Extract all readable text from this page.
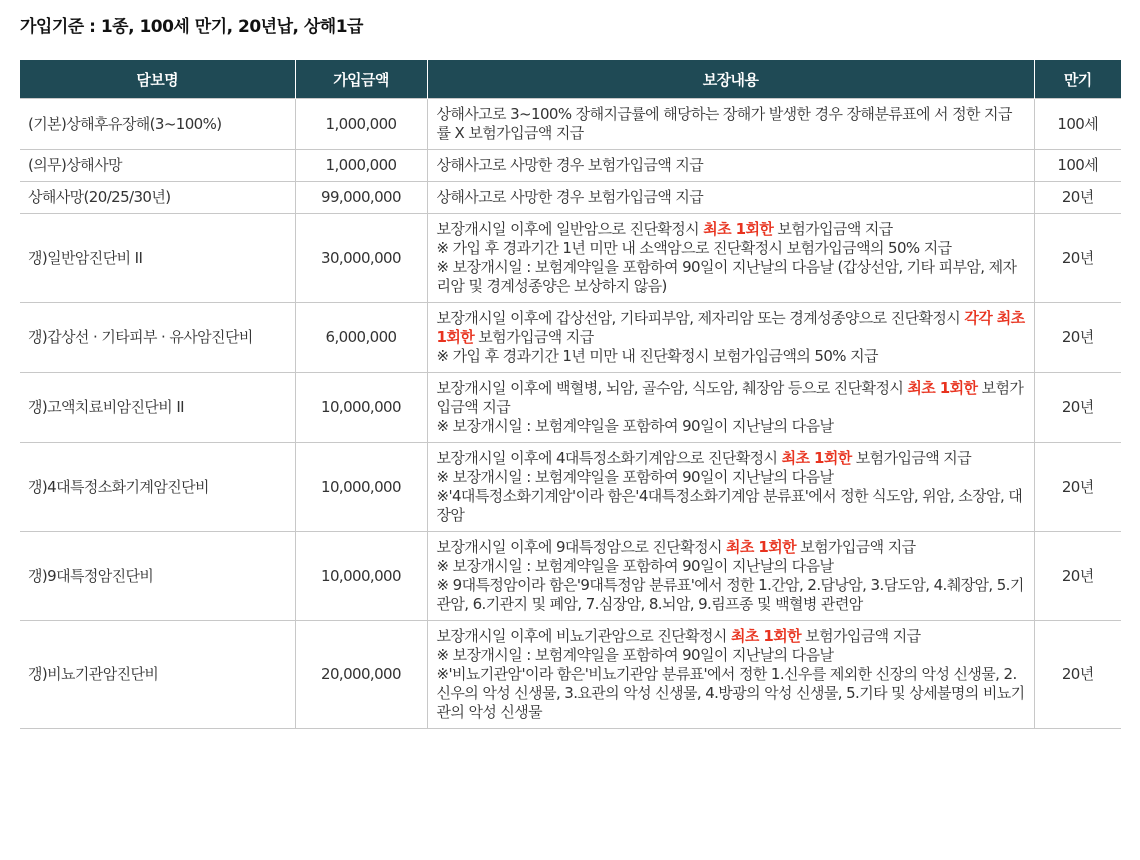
가입기준 : 1종, 100세 만기, 20년납, 상해1급
담보명	가입금액	보장내용	만기
(기본)상해후유장해(3~100%)	1,000,000	상해사고로 3~100% 장해지급률에 해당하는 장해가 발생한 경우 장해분류표에 서 정한 지급률 X 보험가입금액 지급	100세
(의무)상해사망	1,000,000	상해사고로 사망한 경우 보험가입금액 지급	100세
상해사망(20/25/30년)	99,000,000	상해사고로 사망한 경우 보험가입금액 지급	20년
갱)일반암진단비 II	30,000,000	보장개시일 이후에 일반암으로 진단확정시 최초 1회한 보험가입금액 지급
※ 가입 후 경과기간 1년 미만 내 소액암으로 진단확정시 보험가입금액의 50% 지급
※ 보장개시일 : 보험계약일을 포함하여 90일이 지난날의 다음날 (갑상선암, 기타 피부암, 제자리암 및 경계성종양은 보상하지 않음)	20년
갱)갑상선 · 기타피부 · 유사암진단비	6,000,000	보장개시일 이후에 갑상선암, 기타피부암, 제자리암 또는 경계성종양으로 진단확정시 각각 최초 1회한 보험가입금액 지급
※ 가입 후 경과기간 1년 미만 내 진단확정시 보험가입금액의 50% 지급	20년
갱)고액치료비암진단비 II	10,000,000	보장개시일 이후에 백혈병, 뇌암, 골수암, 식도암, 췌장암 등으로 진단확정시 최초 1회한 보험가입금액 지급
※ 보장개시일 : 보험계약일을 포함하여 90일이 지난날의 다음날	20년
갱)4대특정소화기계암진단비	10,000,000	보장개시일 이후에 4대특정소화기계암으로 진단확정시 최초 1회한 보험가입금액 지급
※ 보장개시일 : 보험계약일을 포함하여 90일이 지난날의 다음날
※'4대특정소화기계암'이라 함은'4대특정소화기계암 분류표'에서 정한 식도암, 위암, 소장암, 대장암	20년
갱)9대특정암진단비	10,000,000	보장개시일 이후에 9대특정암으로 진단확정시 최초 1회한 보험가입금액 지급
※ 보장개시일 : 보험계약일을 포함하여 90일이 지난날의 다음날
※ 9대특정암이라 함은'9대특정암 분류표'에서 정한 1.간암, 2.담낭암, 3.담도암, 4.췌장암, 5.기관암, 6.기관지 및 폐암, 7.심장암, 8.뇌암, 9.림프종 및 백혈병 관련암	20년
갱)비뇨기관암진단비	20,000,000	보장개시일 이후에 비뇨기관암으로 진단확정시 최초 1회한 보험가입금액 지급
※ 보장개시일 : 보험계약일을 포함하여 90일이 지난날의 다음날
※'비뇨기관암'이라 함은'비뇨기관암 분류표'에서 정한 1.신우를 제외한 신장의 악성 신생물, 2.신우의 악성 신생물, 3.요관의 악성 신생물, 4.방광의 악성 신생물, 5.기타 및 상세불명의 비뇨기관의 악성 신생물	20년
